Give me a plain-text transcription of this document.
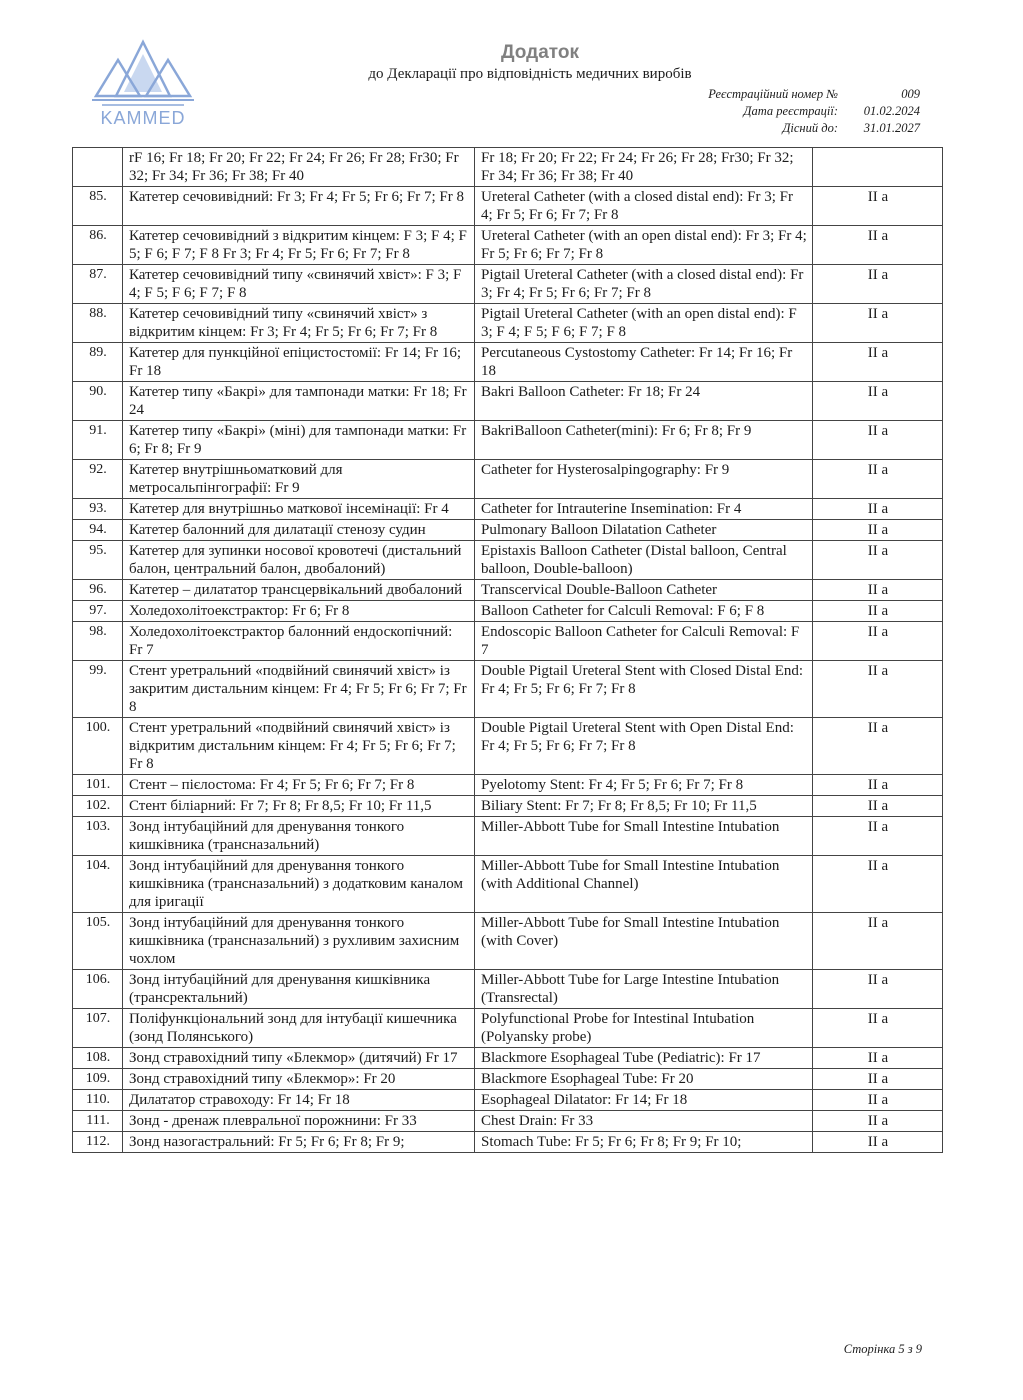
KAMMED
Додаток
до Декларації про відповідність медичних виробів
Реєстраційний номер №	009
Дата реєстрації:	01.02.2024
Дісний до:	31.01.2027
	rF 16; Fr 18; Fr 20; Fr 22; Fr 24; Fr 26; Fr 28; Fr30; Fr 32; Fr 34; Fr 36; Fr 38; Fr 40	Fr 18; Fr 20; Fr 22; Fr 24; Fr 26; Fr 28; Fr30; Fr 32; Fr 34; Fr 36; Fr 38; Fr 40	
85.	Катетер сечовивідний: Fr 3; Fr 4; Fr 5; Fr 6; Fr 7; Fr 8	Ureteral Catheter (with a closed distal end): Fr 3; Fr 4; Fr 5; Fr 6; Fr 7; Fr 8	II a
86.	Катетер сечовивідний з відкритим кінцем: F 3; F 4; F 5; F 6; F 7; F 8 Fr 3; Fr 4; Fr 5; Fr 6; Fr 7; Fr 8	Ureteral Catheter (with an open distal end): Fr 3; Fr 4; Fr 5; Fr 6; Fr 7; Fr 8	II a
87.	Катетер сечовивідний типу «свинячий хвіст»: F 3; F 4; F 5; F 6; F 7; F 8	Pigtail Ureteral Catheter (with a closed distal end): Fr 3; Fr 4; Fr 5; Fr 6; Fr 7; Fr 8	II a
88.	Катетер сечовивідний типу «свинячий хвіст» з відкритим кінцем: Fr 3; Fr 4; Fr 5; Fr 6; Fr 7; Fr 8	Pigtail Ureteral Catheter (with an open distal end): F 3; F 4; F 5; F 6; F 7; F 8	II a
89.	Катетер для пункційної епіцистостомії: Fr 14; Fr 16; Fr 18	Percutaneous Cystostomy Catheter: Fr 14; Fr 16; Fr 18	II a
90.	Катетер типу «Бакрі» для тампонади матки: Fr 18; Fr 24	Bakri Balloon Catheter: Fr 18; Fr 24	II a
91.	Катетер типу «Бакрі» (міні) для тампонади матки: Fr 6; Fr 8; Fr 9	BakriBalloon Catheter(mini): Fr 6; Fr 8; Fr 9	II a
92.	Катетер внутрішньоматковий для метросальпінгографії: Fr 9	Catheter for Hysterosalpingography: Fr 9	II a
93.	Катетер для внутрішньо маткової інсемінації: Fr 4	Catheter for Intrauterine Insemination: Fr 4	II a
94.	Катетер балонний для дилатації стенозу судин	Pulmonary Balloon Dilatation Catheter	II a
95.	Катетер для зупинки носової кровотечі (дистальний балон, центральний балон, двобалоний)	Epistaxis Balloon Catheter (Distal balloon, Central balloon, Double-balloon)	II a
96.	Катетер – дилататор трансцервікальний двобалоний	Transcervical Double-Balloon Catheter	II a
97.	Холедохолітоекстрактор: Fr 6; Fr 8	Balloon Catheter for Calculi Removal: F 6; F 8	II a
98.	Холедохолітоекстрактор балонний ендоскопічний: Fr 7	Endoscopic Balloon Catheter for Calculi Removal: F 7	II a
99.	Стент уретральний «подвійний свинячий хвіст» із закритим дистальним кінцем: Fr 4; Fr 5; Fr 6; Fr 7; Fr 8	Double Pigtail Ureteral Stent with Closed Distal End: Fr 4; Fr 5; Fr 6; Fr 7; Fr 8	II a
100.	Стент уретральний «подвійний свинячий хвіст» із відкритим дистальним кінцем: Fr 4; Fr 5; Fr 6; Fr 7; Fr 8	Double Pigtail Ureteral Stent with Open Distal End: Fr 4; Fr 5; Fr 6; Fr 7; Fr 8	II a
101.	Стент – пієлостома: Fr 4; Fr 5; Fr 6; Fr 7; Fr 8	Pyelotomy Stent: Fr 4; Fr 5; Fr 6; Fr 7; Fr 8	II a
102.	Стент біліарний: Fr 7; Fr 8; Fr 8,5; Fr 10; Fr 11,5	Biliary Stent: Fr 7; Fr 8; Fr 8,5; Fr 10; Fr 11,5	II a
103.	Зонд інтубаційний для дренування тонкого кишківника (трансназальний)	Miller-Abbott Tube for Small Intestine Intubation	II a
104.	Зонд інтубаційний для дренування тонкого кишківника (трансназальний) з додатковим каналом для іригації	Miller-Abbott Tube for Small Intestine Intubation (with Additional Channel)	II a
105.	Зонд інтубаційний для дренування тонкого кишківника (трансназальний) з рухливим захисним чохлом	Miller-Abbott Tube for Small Intestine Intubation (with Cover)	II a
106.	Зонд інтубаційний для дренування кишківника (трансректальний)	Miller-Abbott Tube for Large Intestine Intubation (Transrectal)	II a
107.	Поліфункціональний зонд для інтубації кишечника (зонд Полянського)	Polyfunctional Probe for Intestinal Intubation (Polyansky probe)	II a
108.	Зонд стравохідний типу «Блекмор» (дитячий) Fr 17	Blackmore Esophageal Tube (Pediatric): Fr 17	II a
109.	Зонд стравохідний типу «Блекмор»: Fr 20	Blackmore Esophageal Tube: Fr 20	II a
110.	Дилататор стравоходу: Fr 14; Fr 18	Esophageal Dilatator: Fr 14; Fr 18	II a
111.	Зонд - дренаж плевральної порожнини: Fr 33	Chest Drain: Fr 33	II a
112.	Зонд назогастральний: Fr 5; Fr 6; Fr 8; Fr 9;	Stomach Tube: Fr 5; Fr 6; Fr 8; Fr 9; Fr 10;	II a
Сторінка 5 з 9
